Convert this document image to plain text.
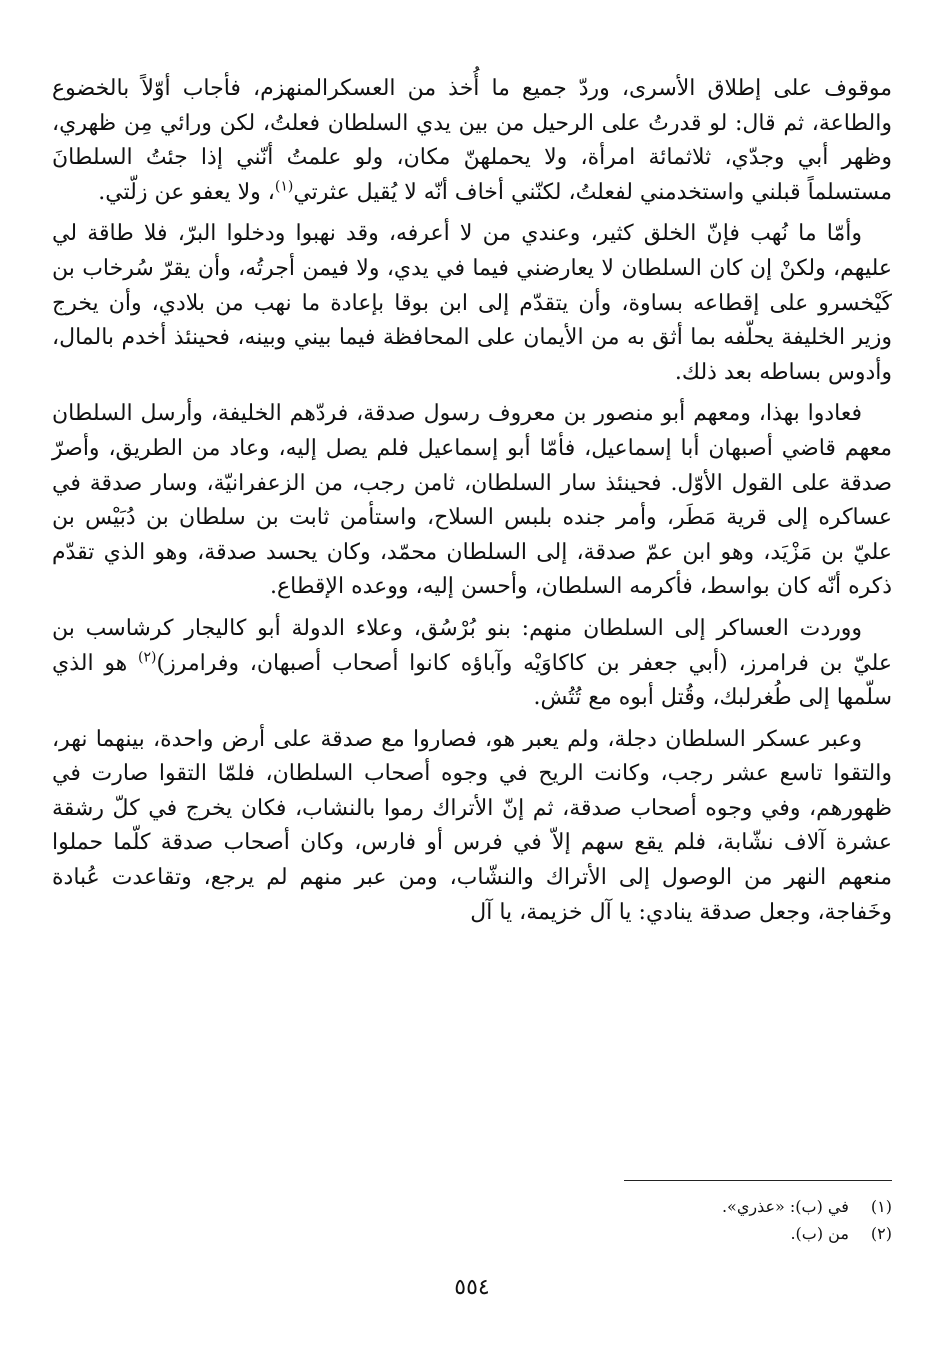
موقوف على إطلاق الأسرى، وردّ جميع ما أُخذ من العسكرالمنهزم، فأجاب أوّلاً بالخضوع والطاعة، ثم قال: لو قدرتُ على الرحيل من بين يدي السلطان فعلتُ، لكن ورائي مِن ظهري، وظهر أبي وجدّي، ثلاثمائة امرأة، ولا يحملهنّ مكان، ولو علمتُ أنّني إذا جئتُ السلطانَ مستسلماً قبلني واستخدمني لفعلتُ، لكنّني أخاف أنّه لا يُقيل عثرتي$^{(١)}$، ولا يعفو عن زلّتي.

وأمّا ما نُهب فإنّ الخلق كثير، وعندي من لا أعرفه، وقد نهبوا ودخلوا البرّ، فلا طاقة لي عليهم، ولكنْ إن كان السلطان لا يعارضني فيما في يدي، ولا فيمن أجرتُه، وأن يقرّ سُرخاب بن كَيْخسرو على إقطاعه بساوة، وأن يتقدّم إلى ابن بوقا بإعادة ما نهب من بلادي، وأن يخرج وزير الخليفة يحلّفه بما أثق به من الأيمان على المحافظة فيما بيني وبينه، فحينئذ أخدم بالمال، وأدوس بساطه بعد ذلك.

فعادوا بهذا، ومعهم أبو منصور بن معروف رسول صدقة، فردّهم الخليفة، وأرسل السلطان معهم قاضي أصبهان أبا إسماعيل، فأمّا أبو إسماعيل فلم يصل إليه، وعاد من الطريق، وأصرّ صدقة على القول الأوّل. فحينئذ سار السلطان، ثامن رجب، من الزعفرانيّة، وسار صدقة في عساكره إلى قرية مَطَر، وأمر جنده بلبس السلاح، واستأمن ثابت بن سلطان بن دُبَيْس بن عليّ بن مَزْيَد، وهو ابن عمّ صدقة، إلى السلطان محمّد، وكان يحسد صدقة، وهو الذي تقدّم ذكره أنّه كان بواسط، فأكرمه السلطان، وأحسن إليه، ووعده الإقطاع.

ووردت العساكر إلى السلطان منهم: بنو بُرْسُق، وعلاء الدولة أبو كاليجار كرشاسب بن عليّ بن فرامرز، (أبي جعفر بن كاكاوَيْه وآباؤه كانوا أصحاب أصبهان، وفرامرز)$^{(٢)}$ هو الذي سلّمها إلى طُغرلبك، وقُتل أبوه مع تُتُش.

وعبر عسكر السلطان دجلة، ولم يعبر هو، فصاروا مع صدقة على أرض واحدة، بينهما نهر، والتقوا تاسع عشر رجب، وكانت الريح في وجوه أصحاب السلطان، فلمّا التقوا صارت في ظهورهم، وفي وجوه أصحاب صدقة، ثم إنّ الأتراك رموا بالنشاب، فكان يخرج في كلّ رشقة عشرة آلاف نشّابة، فلم يقع سهم إلاّ في فرس أو فارس، وكان أصحاب صدقة كلّما حملوا منعهم النهر من الوصول إلى الأتراك والنشّاب، ومن عبر منهم لم يرجع، وتقاعدت عُبادة وخَفاجة، وجعل صدقة ينادي: يا آل خزيمة، يا آل

(١)
في (ب): «عذري».
(٢)
من (ب).
٥٥٤
